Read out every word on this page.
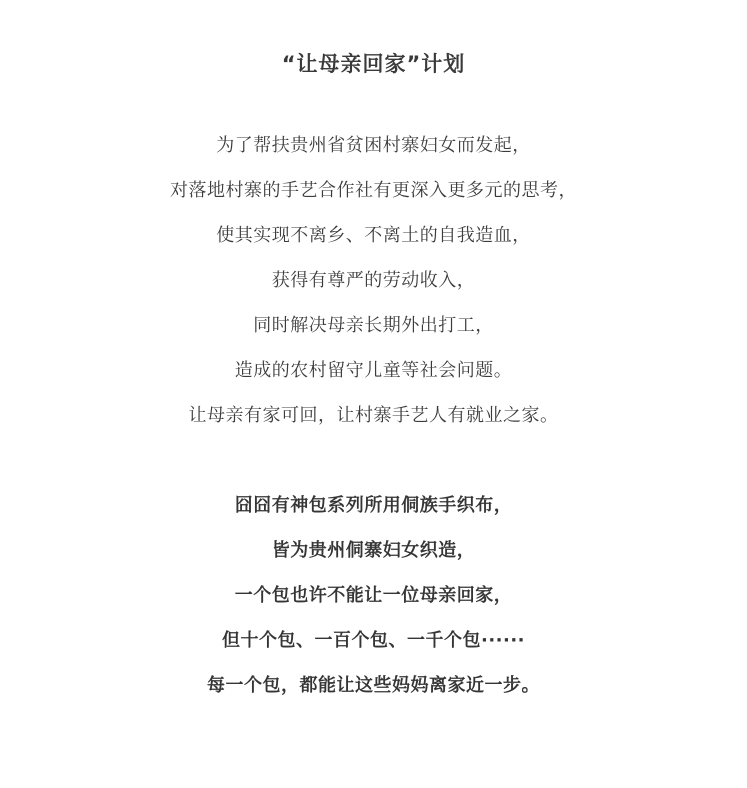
“让母亲回家”计划
为了帮扶贵州省贫困村寨妇女而发起，
对落地村寨的手艺合作社有更深入更多元的思考，
使其实现不离乡、不离土的自我造血，
获得有尊严的劳动收入，
同时解决母亲长期外出打工，
造成的农村留守儿童等社会问题。
让母亲有家可回，让村寨手艺人有就业之家。
囧囧有神包系列所用侗族手织布，
皆为贵州侗寨妇女织造，
一个包也许不能让一位母亲回家，
但十个包、一百个包、一千个包······
每一个包，都能让这些妈妈离家近一步。
